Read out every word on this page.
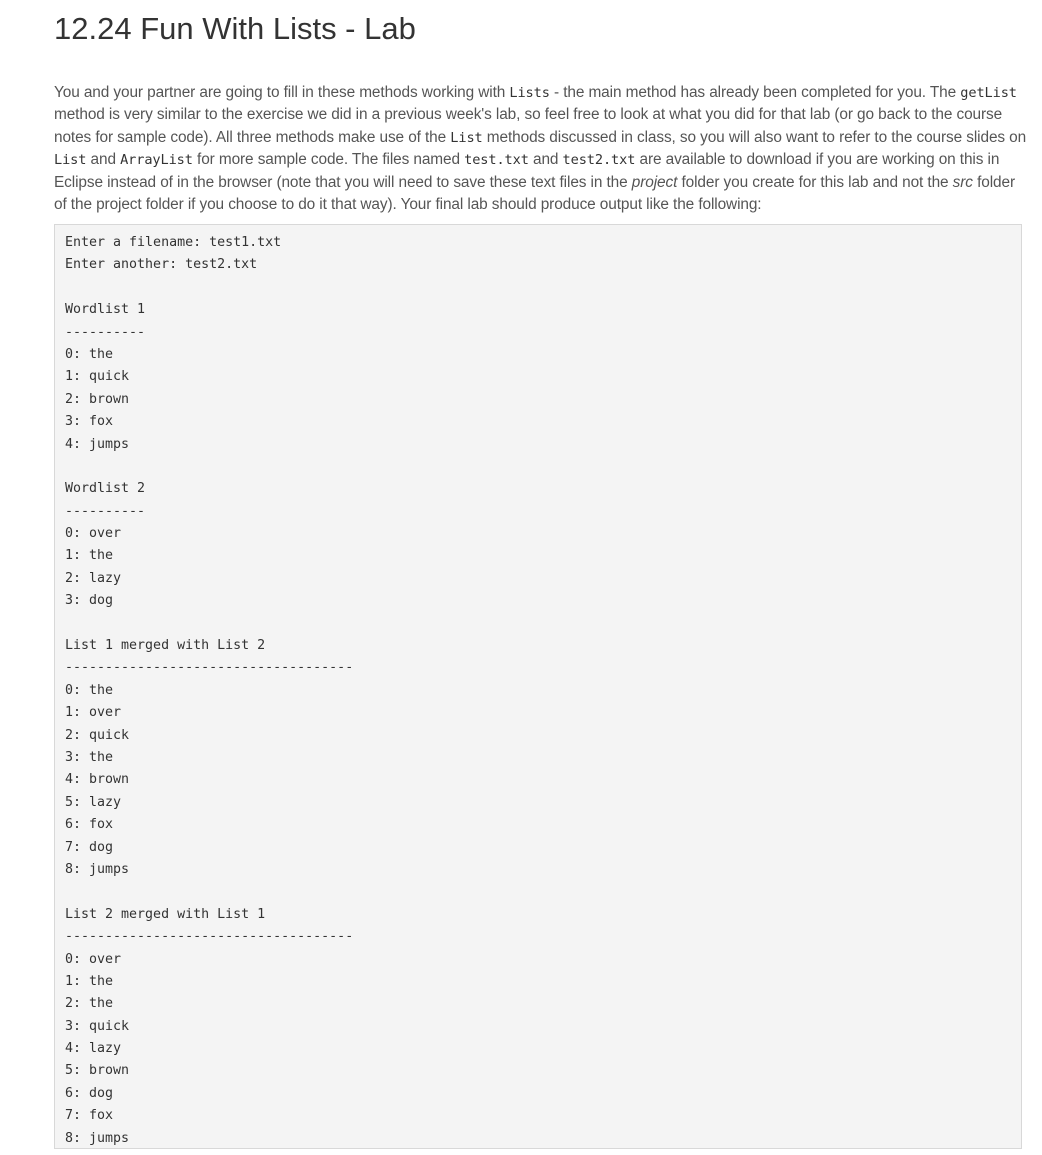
12.24 Fun With Lists - Lab
You and your partner are going to fill in these methods working with Lists - the main method has already been completed for you. The getList method is very similar to the exercise we did in a previous week's lab, so feel free to look at what you did for that lab (or go back to the course notes for sample code). All three methods make use of the List methods discussed in class, so you will also want to refer to the course slides on List and ArrayList for more sample code. The files named test.txt and test2.txt are available to download if you are working on this in Eclipse instead of in the browser (note that you will need to save these text files in the project folder you create for this lab and not the src folder of the project folder if you choose to do it that way). Your final lab should produce output like the following:
Enter a filename: test1.txt
Enter another: test2.txt
Wordlist 1
----------
0: the
1: quick
2: brown
3: fox
4: jumps
Wordlist 2
----------
0: over
1: the
2: lazy
3: dog
List 1 merged with List 2
------------------------------------
0: the
1: over
2: quick
3: the
4: brown
5: lazy
6: fox
7: dog
8: jumps
List 2 merged with List 1
------------------------------------
0: over
1: the
2: the
3: quick
4: lazy
5: brown
6: dog
7: fox
8: jumps
